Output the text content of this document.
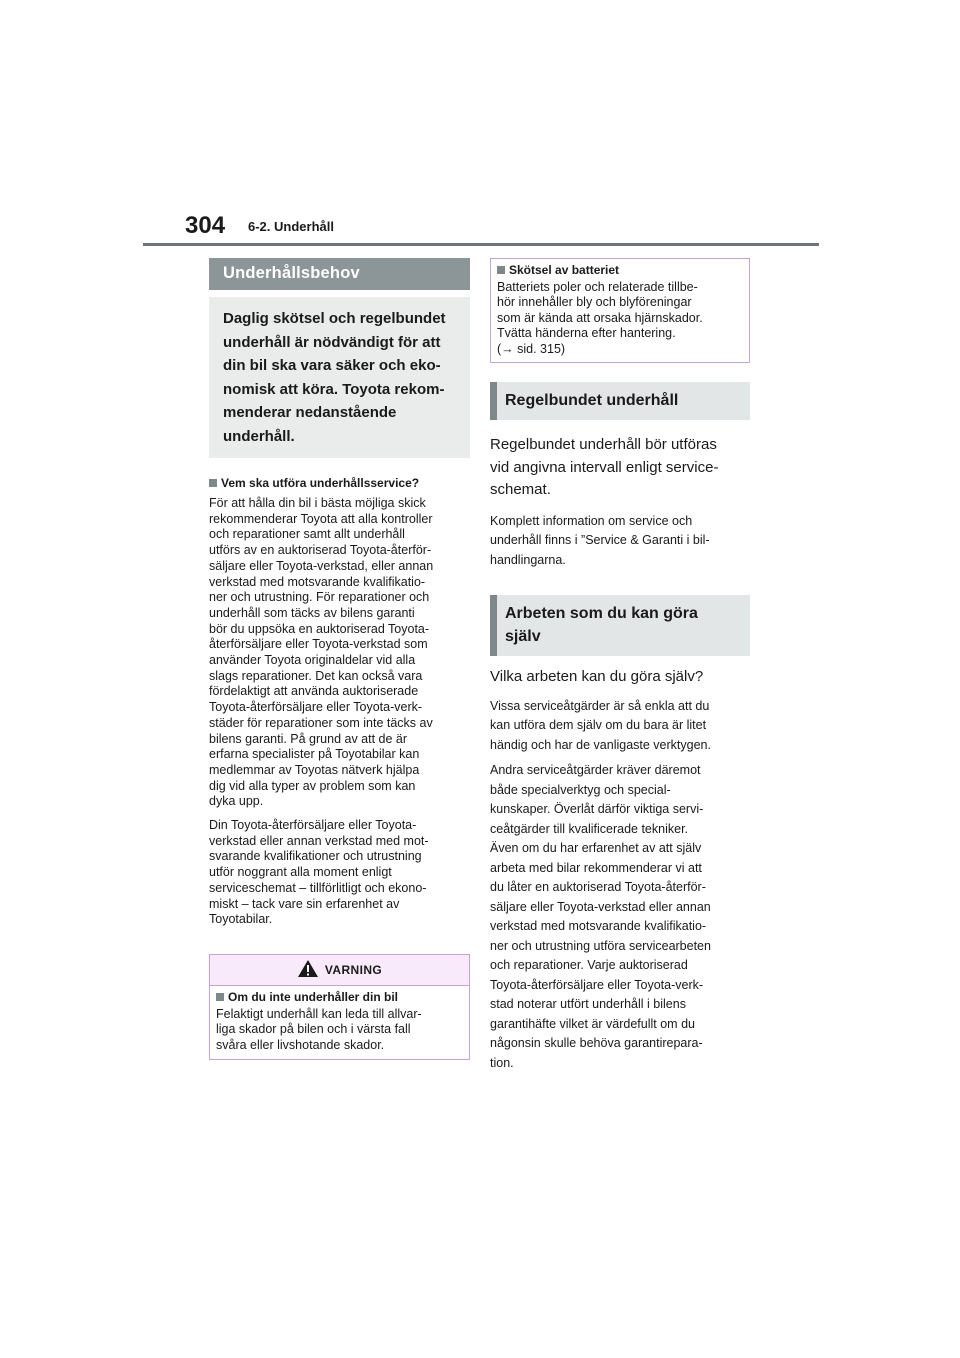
304 6-2. Underhåll
Underhållsbehov
Daglig skötsel och regelbundet
underhåll är nödvändigt för att
din bil ska vara säker och eko-
nomisk att köra. Toyota rekom-
menderar nedanstående
underhåll.
Vem ska utföra underhållsservice?
För att hålla din bil i bästa möjliga skick
rekommenderar Toyota att alla kontroller
och reparationer samt allt underhåll
utförs av en auktoriserad Toyota-återför-
säljare eller Toyota-verkstad, eller annan
verkstad med motsvarande kvalifikatio-
ner och utrustning. För reparationer och
underhåll som täcks av bilens garanti
bör du uppsöka en auktoriserad Toyota-
återförsäljare eller Toyota-verkstad som
använder Toyota originaldelar vid alla
slags reparationer. Det kan också vara
fördelaktigt att använda auktoriserade
Toyota-återförsäljare eller Toyota-verk-
städer för reparationer som inte täcks av
bilens garanti. På grund av att de är
erfarna specialister på Toyotabilar kan
medlemmar av Toyotas nätverk hjälpa
dig vid alla typer av problem som kan
dyka upp.
Din Toyota-återförsäljare eller Toyota-
verkstad eller annan verkstad med mot-
svarande kvalifikationer och utrustning
utför noggrant alla moment enligt
serviceschemat – tillförlitligt och ekono-
miskt – tack vare sin erfarenhet av
Toyotabilar.
VARNING
Om du inte underhåller din bil
Felaktigt underhåll kan leda till allvar-
liga skador på bilen och i värsta fall
svåra eller livshotande skador.
Skötsel av batteriet
Batteriets poler och relaterade tillbe-
hör innehåller bly och blyföreningar
som är kända att orsaka hjärnskador.
Tvätta händerna efter hantering.
(→ sid. 315)
Regelbundet underhåll
Regelbundet underhåll bör utföras
vid angivna intervall enligt service-
schemat.
Komplett information om service och
underhåll finns i ”Service & Garanti i bil-
handlingarna.
Arbeten som du kan göra
själv
Vilka arbeten kan du göra själv?
Vissa serviceåtgärder är så enkla att du
kan utföra dem själv om du bara är litet
händig och har de vanligaste verktygen.
Andra serviceåtgärder kräver däremot
både specialverktyg och special-
kunskaper. Överlåt därför viktiga servi-
ceåtgärder till kvalificerade tekniker.
Även om du har erfarenhet av att själv
arbeta med bilar rekommenderar vi att
du låter en auktoriserad Toyota-återför-
säljare eller Toyota-verkstad eller annan
verkstad med motsvarande kvalifikatio-
ner och utrustning utföra servicearbeten
och reparationer. Varje auktoriserad
Toyota-återförsäljare eller Toyota-verk-
stad noterar utfört underhåll i bilens
garantihäfte vilket är värdefullt om du
någonsin skulle behöva garantirepara-
tion.
